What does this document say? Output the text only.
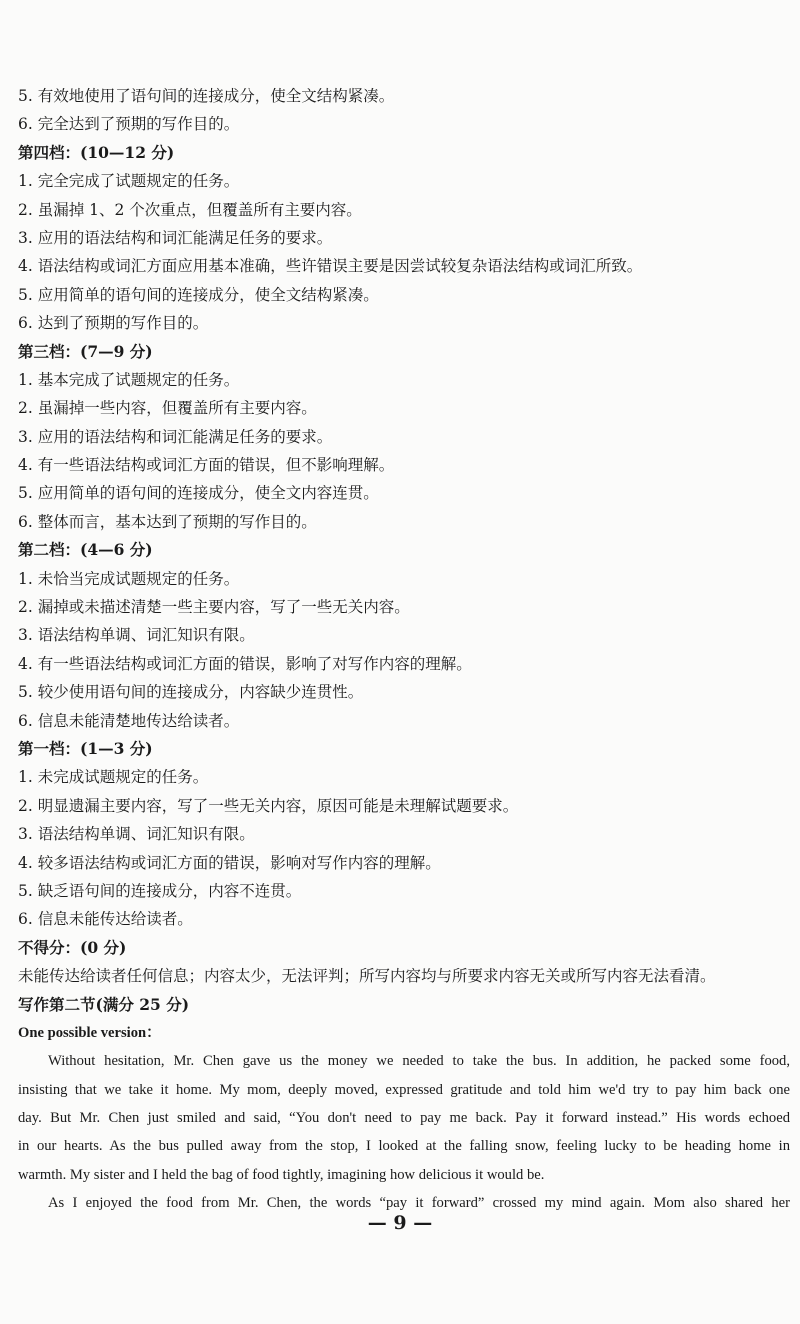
5. 有效地使用了语句间的连接成分，使全文结构紧凑。
6. 完全达到了预期的写作目的。
第四档：(10—12 分)
1. 完全完成了试题规定的任务。
2. 虽漏掉 1、2 个次重点，但覆盖所有主要内容。
3. 应用的语法结构和词汇能满足任务的要求。
4. 语法结构或词汇方面应用基本准确，些许错误主要是因尝试较复杂语法结构或词汇所致。
5. 应用简单的语句间的连接成分，使全文结构紧凑。
6. 达到了预期的写作目的。
第三档：(7—9 分)
1. 基本完成了试题规定的任务。
2. 虽漏掉一些内容，但覆盖所有主要内容。
3. 应用的语法结构和词汇能满足任务的要求。
4. 有一些语法结构或词汇方面的错误，但不影响理解。
5. 应用简单的语句间的连接成分，使全文内容连贯。
6. 整体而言，基本达到了预期的写作目的。
第二档：(4—6 分)
1. 未恰当完成试题规定的任务。
2. 漏掉或未描述清楚一些主要内容，写了一些无关内容。
3. 语法结构单调、词汇知识有限。
4. 有一些语法结构或词汇方面的错误，影响了对写作内容的理解。
5. 较少使用语句间的连接成分，内容缺少连贯性。
6. 信息未能清楚地传达给读者。
第一档：(1—3 分)
1. 未完成试题规定的任务。
2. 明显遗漏主要内容，写了一些无关内容，原因可能是未理解试题要求。
3. 语法结构单调、词汇知识有限。
4. 较多语法结构或词汇方面的错误，影响对写作内容的理解。
5. 缺乏语句间的连接成分，内容不连贯。
6. 信息未能传达给读者。
不得分：(0 分)
未能传达给读者任何信息；内容太少，无法评判；所写内容均与所要求内容无关或所写内容无法看清。
写作第二节(满分 25 分)
One possible version：
Without hesitation, Mr. Chen gave us the money we needed to take the bus. In addition, he packed some food,
insisting that we take it home. My mom, deeply moved, expressed gratitude and told him we'd try to pay him back one
day. But Mr. Chen just smiled and said, “You don't need to pay me back. Pay it forward instead.” His words echoed
in our hearts. As the bus pulled away from the stop, I looked at the falling snow, feeling lucky to be heading home in
warmth. My sister and I held the bag of food tightly, imagining how delicious it would be.
As I enjoyed the food from Mr. Chen, the words “pay it forward” crossed my mind again. Mom also shared her
— 9 —
